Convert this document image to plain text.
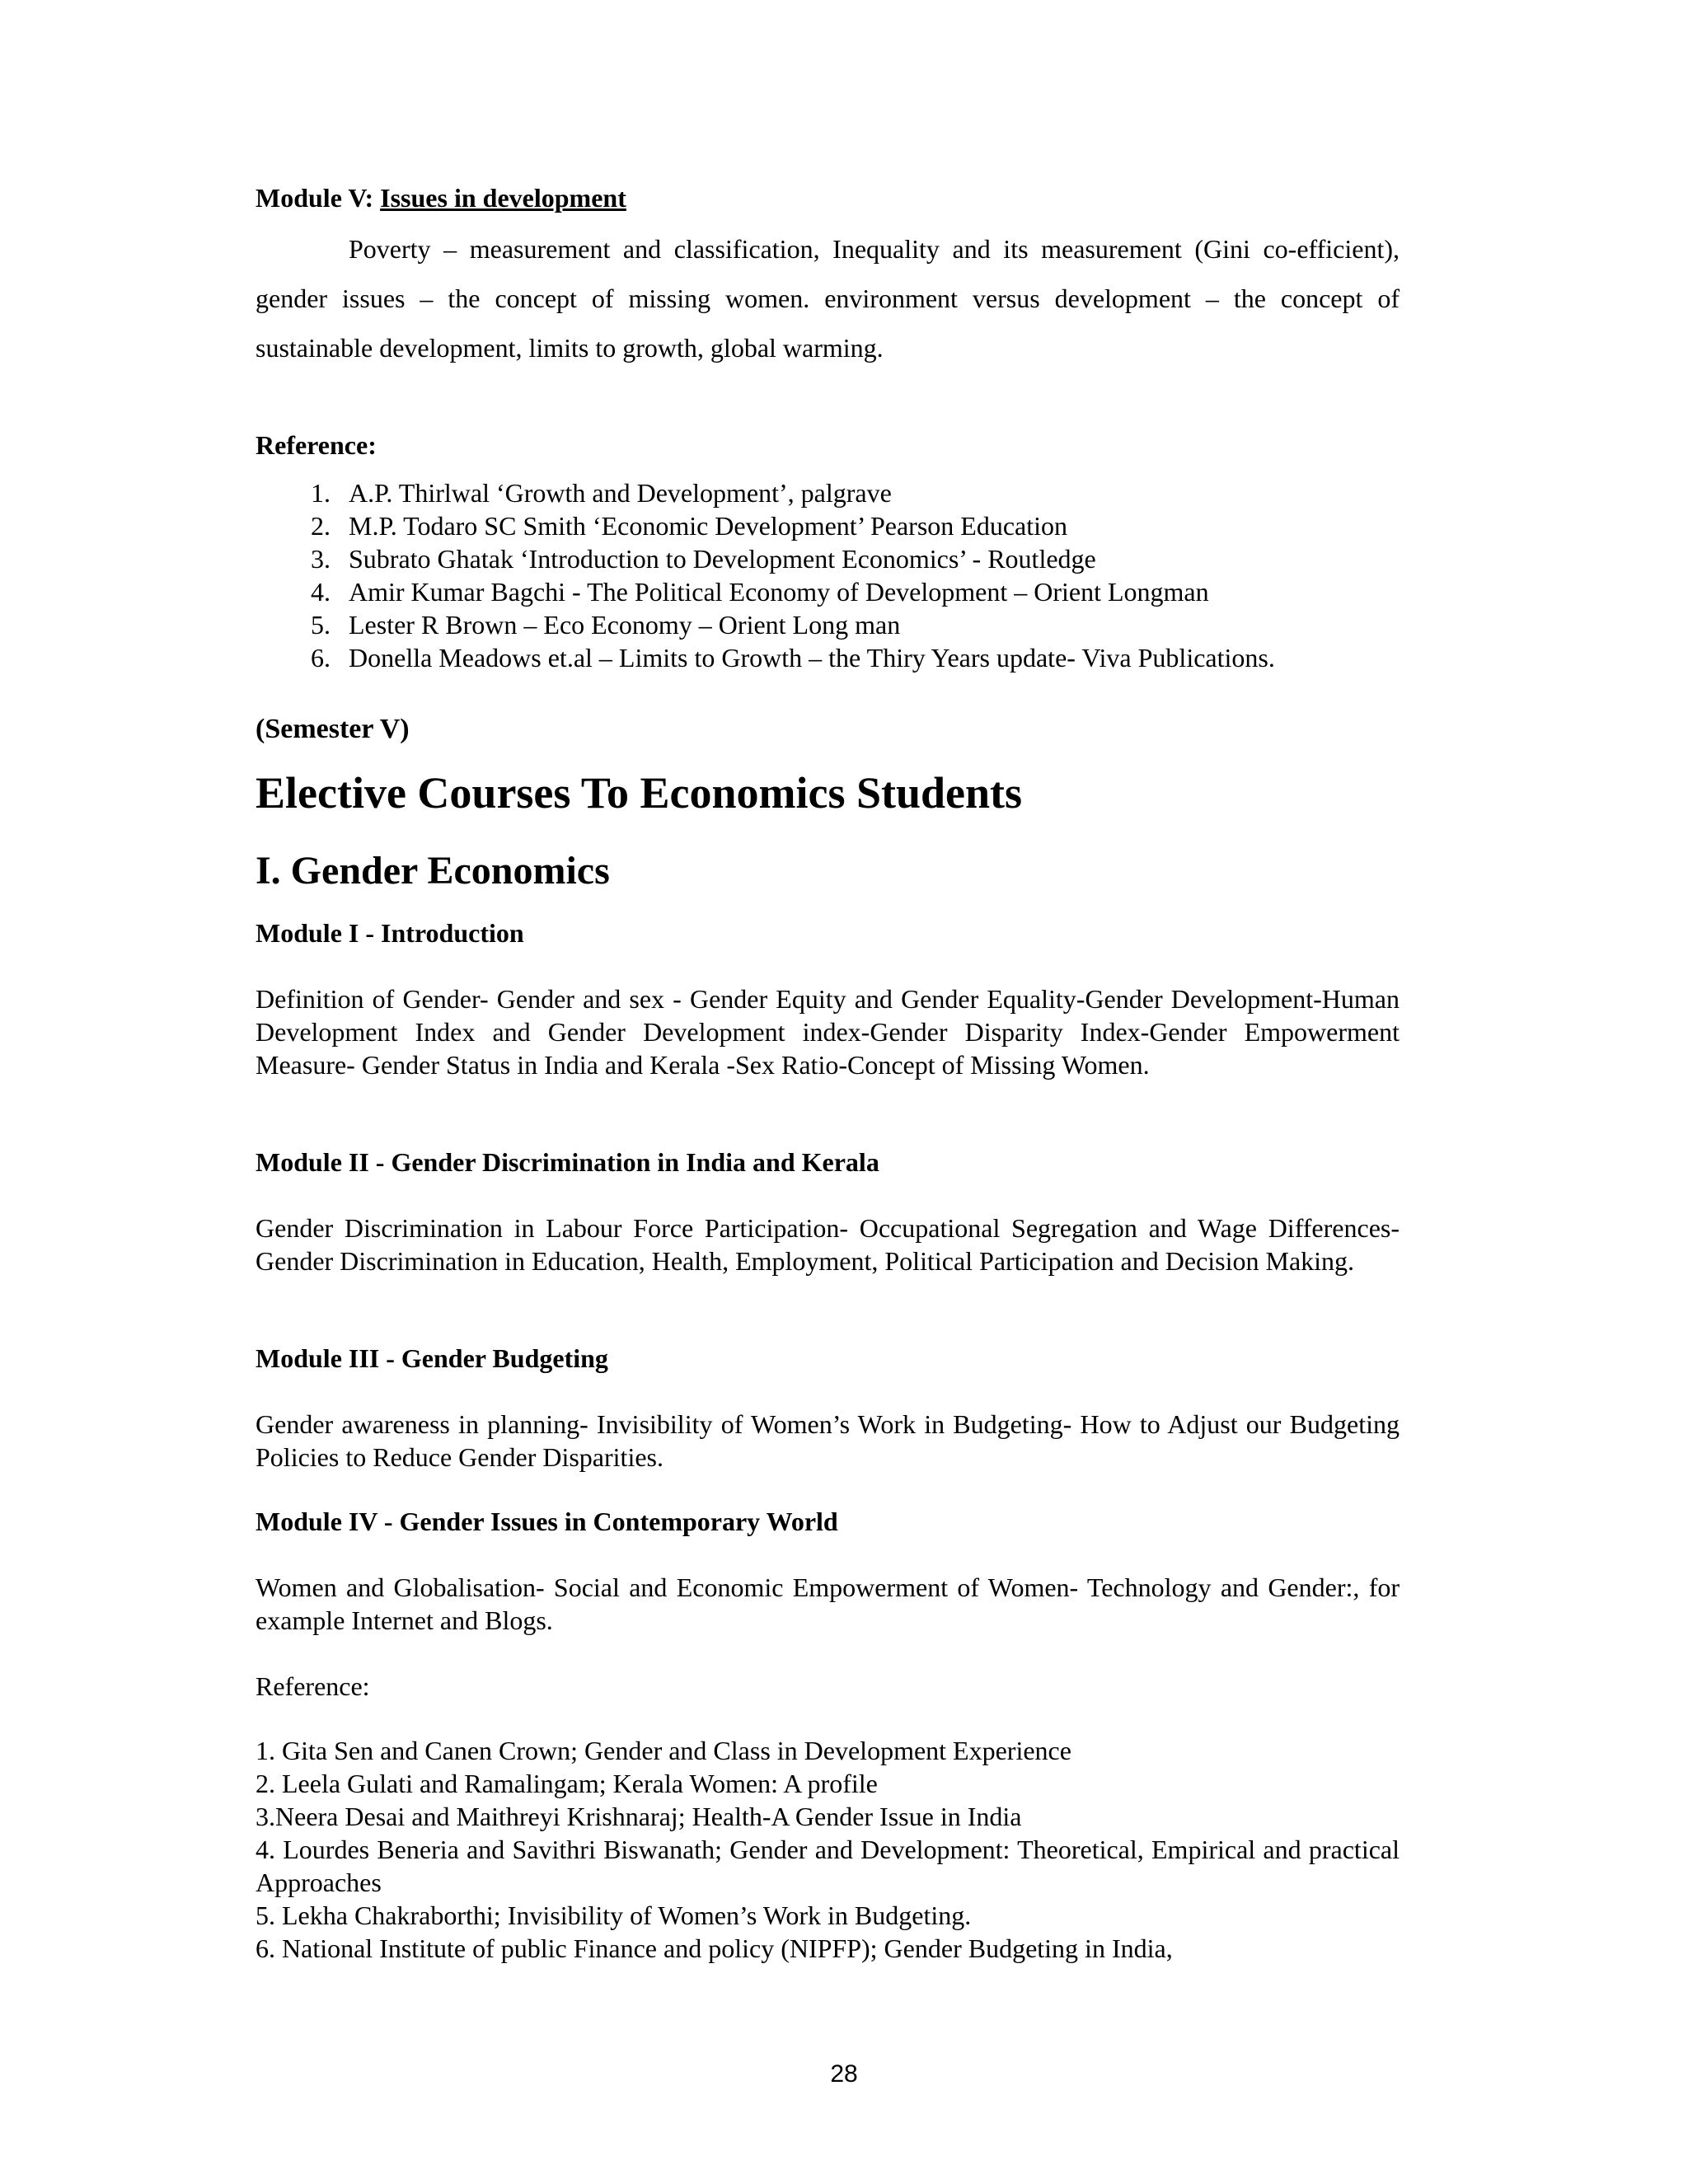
Module V: Issues in development
Poverty – measurement and classification, Inequality and its measurement (Gini co-efficient), gender issues – the concept of missing women. environment versus development – the concept of sustainable development, limits to growth, global warming.
Reference:
1. A.P. Thirlwal ‘Growth and Development’, palgrave
2. M.P. Todaro SC Smith ‘Economic Development’ Pearson Education
3. Subrato Ghatak ‘Introduction to Development Economics’ - Routledge
4. Amir Kumar Bagchi - The Political Economy of Development – Orient Longman
5. Lester R Brown – Eco Economy – Orient Long man
6. Donella Meadows et.al – Limits to Growth – the Thiry Years update- Viva Publications.
(Semester V)
Elective Courses To Economics Students
I. Gender Economics
Module I - Introduction
Definition of Gender- Gender and sex - Gender Equity and Gender Equality-Gender Development-Human Development Index and Gender Development index-Gender Disparity Index-Gender Empowerment Measure- Gender Status in India and Kerala -Sex Ratio-Concept of Missing Women.
Module II - Gender Discrimination in India and Kerala
Gender Discrimination in Labour Force Participation- Occupational Segregation and Wage Differences- Gender Discrimination in Education, Health, Employment, Political Participation and Decision Making.
Module III - Gender Budgeting
Gender awareness in planning- Invisibility of Women’s Work in Budgeting- How to Adjust our Budgeting Policies to Reduce Gender Disparities.
Module IV - Gender Issues in Contemporary World
Women and Globalisation- Social and Economic Empowerment of Women- Technology and Gender:, for example Internet and Blogs.
Reference:
1. Gita Sen and Canen Crown; Gender and Class in Development Experience
2. Leela Gulati and Ramalingam; Kerala Women: A profile
3.Neera Desai and Maithreyi Krishnaraj; Health-A Gender Issue in India
4. Lourdes Beneria and Savithri Biswanath; Gender and Development: Theoretical, Empirical and practical Approaches
5. Lekha Chakraborthi; Invisibility of Women’s Work in Budgeting.
6. National Institute of public Finance and policy (NIPFP); Gender Budgeting in India,
28
